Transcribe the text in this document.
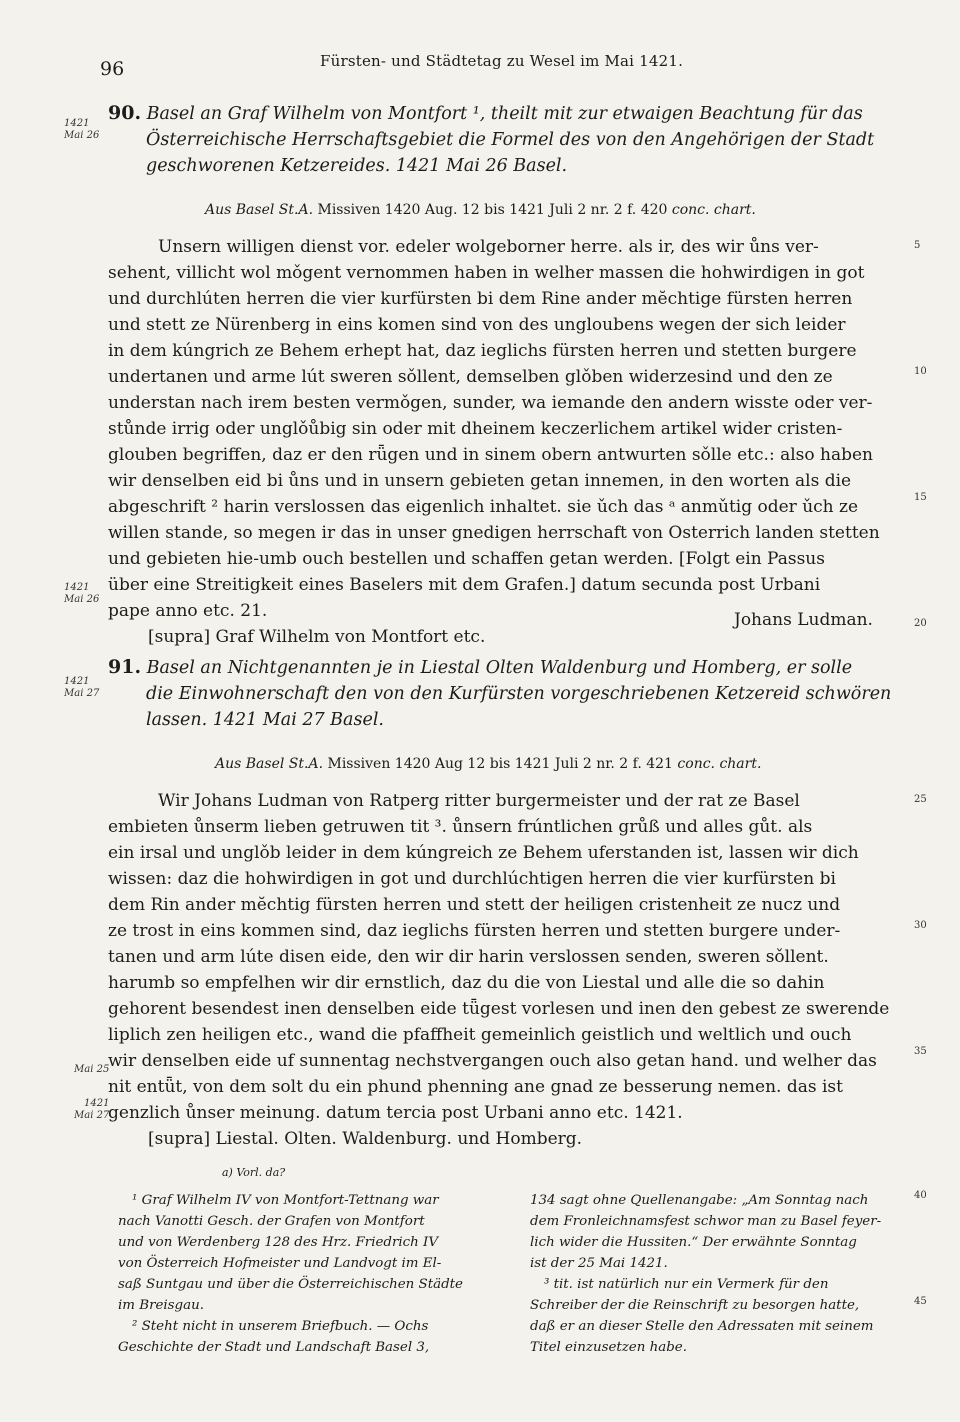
96	Fürsten- und Städtetag zu Wesel im Mai 1421.
1421
Mai 26
90. Basel an Graf Wilhelm von Montfort ¹, theilt mit zur etwaigen Beachtung für das
Österreichische Herrschaftsgebiet die Formel des von den Angehörigen der Stadt
geschworenen Ketzereides. 1421 Mai 26 Basel.
Aus Basel St.A. Missiven 1420 Aug. 12 bis 1421 Juli 2 nr. 2 f. 420 conc. chart.
Unsern willigen dienst vor. edeler wolgeborner herre. als ir, des wir ůns ver-
sehent, villicht wol mǒgent vernommen haben in welher massen die hohwirdigen in got
und durchlúten herren die vier kurfürsten bi dem Rine ander mĕchtige fürsten herren
und stett ze Nürenberg in eins komen sind von des ungloubens wegen der sich leider
in dem kúngrich ze Behem erhept hat, daz ieglichs fürsten herren und stetten burgere
undertanen und arme lút sweren sǒllent, demselben glǒben widerzesind und den ze
understan nach irem besten vermǒgen, sunder, wa iemande den andern wisste oder ver-
stůnde irrig oder unglǒůbig sin oder mit dheinem keczerlichem artikel wider cristen-
glouben begriffen, daz er den rǖgen und in sinem obern antwurten sǒlle etc.: also haben
wir denselben eid bi ůns und in unsern gebieten getan innemen, in den worten als die
abgeschrift ² harin verslossen das eigenlich inhaltet. sie ǔch das ᵃ anmǔtig oder ǔch ze
willen stande, so megen ir das in unser gnedigen herrschaft von Osterrich landen stetten
und gebieten hie-umb ouch bestellen und schaffen getan werden. [Folgt ein Passus
über eine Streitigkeit eines Baselers mit dem Grafen.] datum secunda post Urbani
pape anno etc. 21.
[supra] Graf Wilhelm von Montfort etc.
Johans Ludman.
1421
Mai 26
1421
Mai 27
91. Basel an Nichtgenannten je in Liestal Olten Waldenburg und Homberg, er solle
die Einwohnerschaft den von den Kurfürsten vorgeschriebenen Ketzereid schwören
lassen. 1421 Mai 27 Basel.
Aus Basel St.A. Missiven 1420 Aug 12 bis 1421 Juli 2 nr. 2 f. 421 conc. chart.
Wir Johans Ludman von Ratperg ritter burgermeister und der rat ze Basel
embieten ůnserm lieben getruwen tit ³. ůnsern frúntlichen grůß und alles gůt. als
ein irsal und unglǒb leider in dem kúngreich ze Behem uferstanden ist, lassen wir dich
wissen: daz die hohwirdigen in got und durchlúchtigen herren die vier kurfürsten bi
dem Rin ander mĕchtig fürsten herren und stett der heiligen cristenheit ze nucz und
ze trost in eins kommen sind, daz ieglichs fürsten herren und stetten burgere under-
tanen und arm lúte disen eide, den wir dir harin verslossen senden, sweren sǒllent.
harumb so empfelhen wir dir ernstlich, daz du die von Liestal und alle die so dahin
gehorent besendest inen denselben eide tǖgest vorlesen und inen den gebest ze swerende
liplich zen heiligen etc., wand die pfaffheit gemeinlich geistlich und weltlich und ouch
wir denselben eide uf sunnentag nechstvergangen ouch also getan hand. und welher das
nit entǖt, von dem solt du ein phund phenning ane gnad ze besserung nemen. das ist
genzlich ůnser meinung. datum tercia post Urbani anno etc. 1421.
[supra] Liestal. Olten. Waldenburg. und Homberg.
Mai 25
1421
Mai 27
5
10
15
20
25
30
35
40
45
a) Vorl. da?
¹ Graf Wilhelm IV von Montfort-Tettnang war
nach Vanotti Gesch. der Grafen von Montfort
und von Werdenberg 128 des Hrz. Friedrich IV
von Österreich Hofmeister und Landvogt im El-
saß Suntgau und über die Österreichischen Städte
im Breisgau.
² Steht nicht in unserem Briefbuch. — Ochs
Geschichte der Stadt und Landschaft Basel 3,
134 sagt ohne Quellenangabe: „Am Sonntag nach
dem Fronleichnamsfest schwor man zu Basel feyer-
lich wider die Hussiten.“ Der erwähnte Sonntag
ist der 25 Mai 1421.
³ tit. ist natürlich nur ein Vermerk für den
Schreiber der die Reinschrift zu besorgen hatte,
daß er an dieser Stelle den Adressaten mit seinem
Titel einzusetzen habe.
